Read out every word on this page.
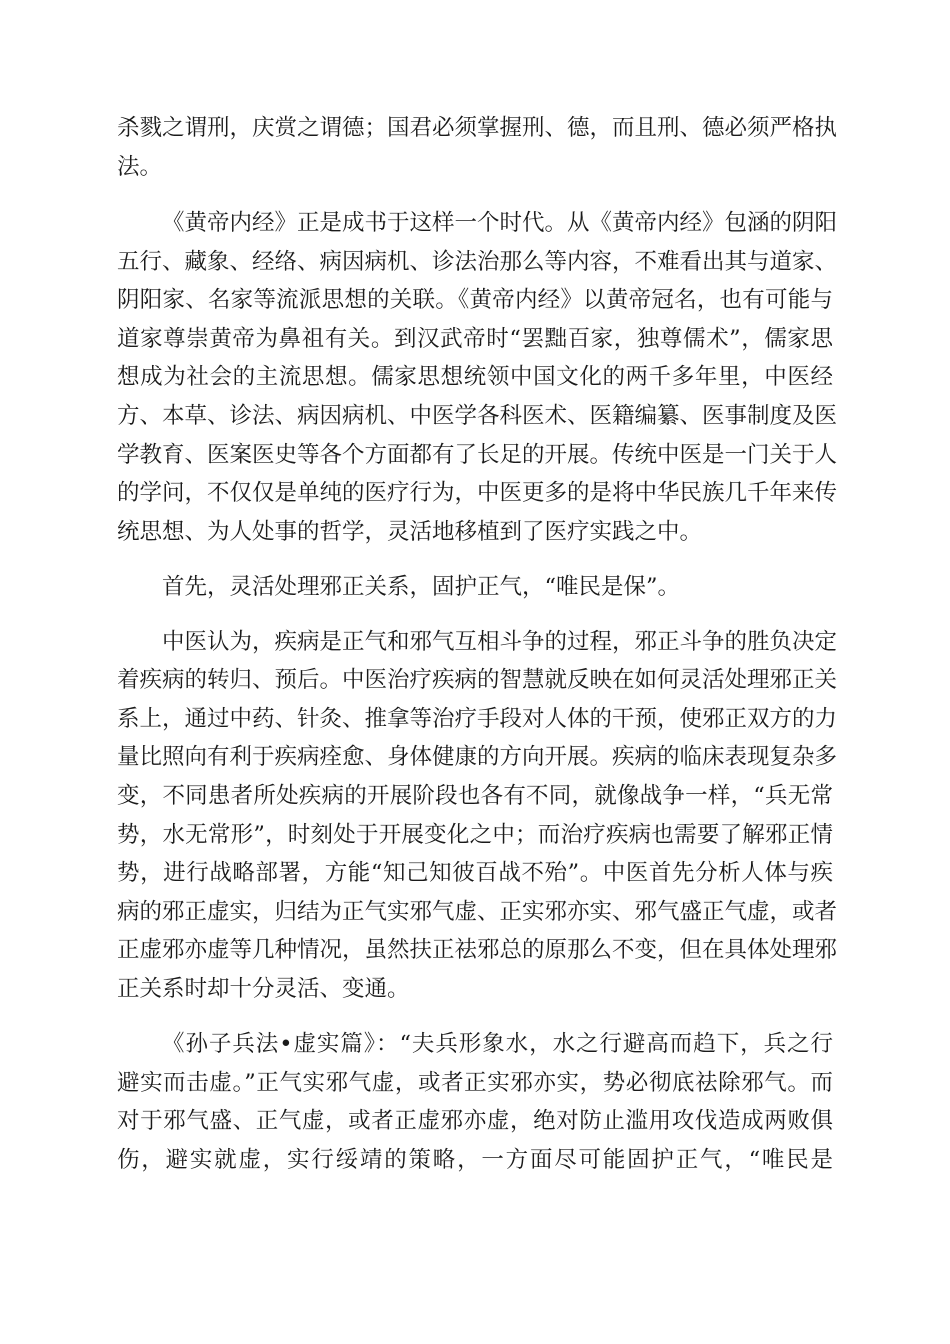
杀戮之谓刑，庆赏之谓德；国君必须掌握刑、德，而且刑、德必须严格执
法。
《黄帝内经》正是成书于这样一个时代。从《黄帝内经》包涵的阴阳
五行、藏象、经络、病因病机、诊法治那么等内容，不难看出其与道家、
阴阳家、名家等流派思想的关联。《黄帝内经》以黄帝冠名，也有可能与
道家尊崇黄帝为鼻祖有关。到汉武帝时“罢黜百家，独尊儒术”，儒家思
想成为社会的主流思想。儒家思想统领中国文化的两千多年里，中医经
方、本草、诊法、病因病机、中医学各科医术、医籍编纂、医事制度及医
学教育、医案医史等各个方面都有了长足的开展。传统中医是一门关于人
的学问，不仅仅是单纯的医疗行为，中医更多的是将中华民族几千年来传
统思想、为人处事的哲学，灵活地移植到了医疗实践之中。
首先，灵活处理邪正关系，固护正气，“唯民是保”。
中医认为，疾病是正气和邪气互相斗争的过程，邪正斗争的胜负决定
着疾病的转归、预后。中医治疗疾病的智慧就反映在如何灵活处理邪正关
系上，通过中药、针灸、推拿等治疗手段对人体的干预，使邪正双方的力
量比照向有利于疾病痊愈、身体健康的方向开展。疾病的临床表现复杂多
变，不同患者所处疾病的开展阶段也各有不同，就像战争一样，“兵无常
势，水无常形”，时刻处于开展变化之中；而治疗疾病也需要了解邪正情
势，进行战略部署，方能“知己知彼百战不殆”。中医首先分析人体与疾
病的邪正虚实，归结为正气实邪气虚、正实邪亦实、邪气盛正气虚，或者
正虚邪亦虚等几种情况，虽然扶正祛邪总的原那么不变，但在具体处理邪
正关系时却十分灵活、变通。
《孙子兵法•虚实篇》：“夫兵形象水，水之行避高而趋下，兵之行
避实而击虚。”正气实邪气虚，或者正实邪亦实，势必彻底祛除邪气。而
对于邪气盛、正气虚，或者正虚邪亦虚，绝对防止滥用攻伐造成两败俱
伤，避实就虚，实行绥靖的策略，一方面尽可能固护正气，“唯民是
